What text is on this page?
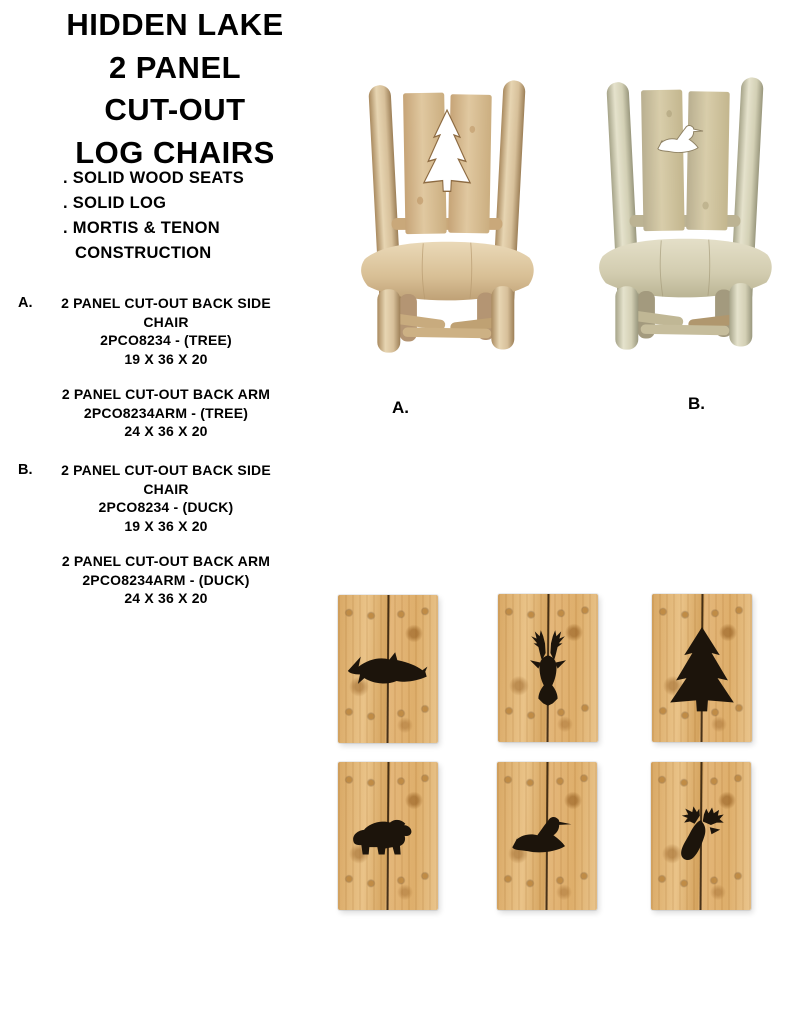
HIDDEN LAKE
2 PANEL
CUT-OUT
LOG CHAIRS
. SOLID WOOD SEATS
. SOLID LOG
. MORTIS & TENON
CONSTRUCTION
A.	2 PANEL CUT-OUT BACK SIDE
CHAIR
2PCO8234 - (TREE)
19 X 36 X 20
2 PANEL CUT-OUT BACK ARM
2PCO8234ARM - (TREE)
24 X 36 X 20
B.	2 PANEL CUT-OUT BACK SIDE
CHAIR
2PCO8234 - (DUCK)
19 X 36 X 20
2 PANEL CUT-OUT BACK ARM
2PCO8234ARM - (DUCK)
24 X 36 X 20
A.	B.
